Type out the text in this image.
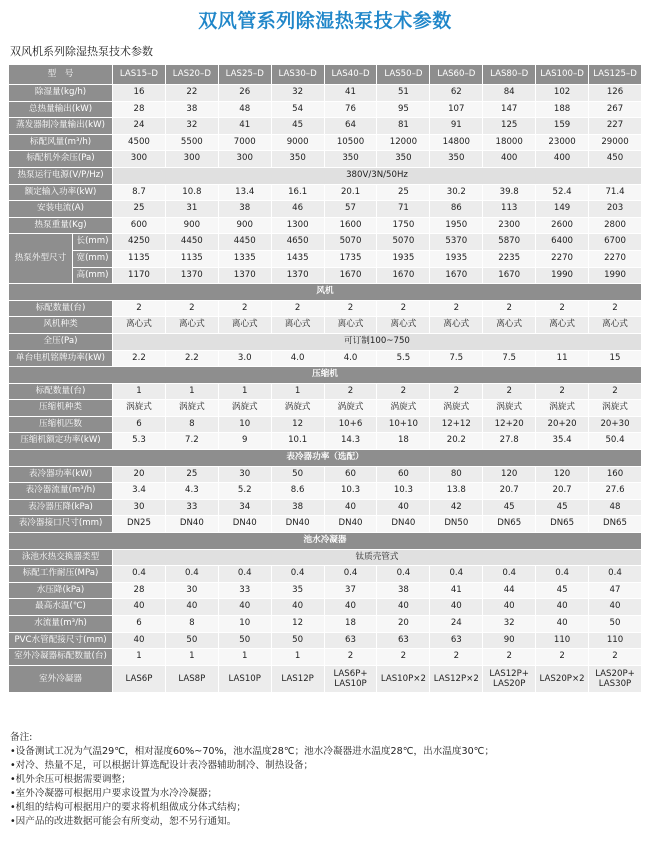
双风管系列除湿热泵技术参数
双风机系列除湿热泵技术参数
型　号		LAS15–D	LAS20–D	LAS25–D	LAS30–D	LAS40–D	LAS50–D	LAS60–D	LAS80–D	LAS100–D	LAS125–D
除湿量(kg/h)		16	22	26	32	41	51	62	84	102	126
总热量输出(kW)		28	38	48	54	76	95	107	147	188	267
蒸发器制冷量输出(kW)		24	32	41	45	64	81	91	125	159	227
标配风量(m³/h)		4500	5500	7000	9000	10500	12000	14800	18000	23000	29000
标配机外余压(Pa)		300	300	300	350	350	350	350	400	400	450
热泵运行电源(V/P/Hz)		380V/3N/50Hz									
额定输入功率(kW)		8.7	10.8	13.4	16.1	20.1	25	30.2	39.8	52.4	71.4
安装电流(A)		25	31	38	46	57	71	86	113	149	203
热泵重量(Kg)		600	900	900	1300	1600	1750	1950	2300	2600	2800
热泵外型尺寸	长(mm)	4250	4450	4450	4650	5070	5070	5370	5870	6400	6700
	宽(mm)	1135	1135	1335	1435	1735	1935	1935	2235	2270	2270
	高(mm)	1170	1370	1370	1370	1670	1670	1670	1670	1990	1990
风机											
标配数量(台)		2	2	2	2	2	2	2	2	2	2
风机种类		离心式	离心式	离心式	离心式	离心式	离心式	离心式	离心式	离心式	离心式
全压(Pa)		可订制100~750									
单台电机铭牌功率(kW)		2.2	2.2	3.0	4.0	4.0	5.5	7.5	7.5	11	15
压缩机											
标配数量(台)		1	1	1	1	2	2	2	2	2	2
压缩机种类		涡旋式	涡旋式	涡旋式	涡旋式	涡旋式	涡旋式	涡旋式	涡旋式	涡旋式	涡旋式
压缩机匹数		6	8	10	12	10+6	10+10	12+12	12+20	20+20	20+30
压缩机额定功率(kW)		5.3	7.2	9	10.1	14.3	18	20.2	27.8	35.4	50.4
表冷器功率（选配）											
表冷器功率(kW)		20	25	30	50	60	60	80	120	120	160
表冷器流量(m³/h)		3.4	4.3	5.2	8.6	10.3	10.3	13.8	20.7	20.7	27.6
表冷器压降(kPa)		30	33	34	38	40	40	42	45	45	48
表冷器接口尺寸(mm)		DN25	DN40	DN40	DN40	DN40	DN40	DN50	DN65	DN65	DN65
池水冷凝器											
泳池水热交换器类型		钛质壳管式									
标配工作耐压(MPa)		0.4	0.4	0.4	0.4	0.4	0.4	0.4	0.4	0.4	0.4
水压降(kPa)		28	30	33	35	37	38	41	44	45	47
最高水温(℃)		40	40	40	40	40	40	40	40	40	40
水流量(m³/h)		6	8	10	12	18	20	24	32	40	50
PVC水管配接尺寸(mm)		40	50	50	50	63	63	63	90	110	110
室外冷凝器标配数量(台)		1	1	1	1	2	2	2	2	2	2
室外冷凝器		LAS6P	LAS8P	LAS10P	LAS12P	LAS6P+ LAS10P	LAS10P×2	LAS12P×2	LAS12P+ LAS20P	LAS20P×2	LAS20P+ LAS30P
备注:
•设备测试工况为气温29℃，相对湿度60%~70%，池水温度28℃；池水冷凝器进水温度28℃，出水温度30℃；
•对冷、热量不足，可以根据计算选配设计表冷器辅助制冷、制热设备；
•机外余压可根据需要调整；
•室外冷凝器可根据用户要求设置为水冷冷凝器；
•机组的结构可根据用户的要求将机组做成分体式结构；
•因产品的改进数据可能会有所变动，恕不另行通知。
